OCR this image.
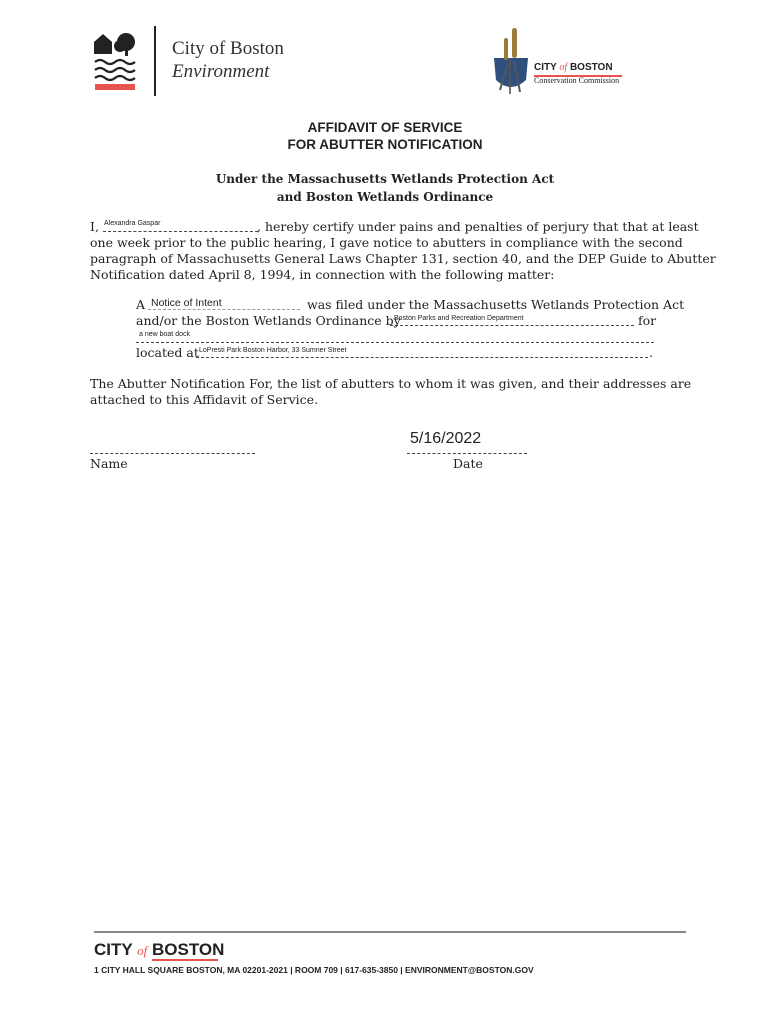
City of Boston
Environment	CITY of BOSTON
Conservation Commission
AFFIDAVIT OF SERVICE
FOR ABUTTER NOTIFICATION
Under the Massachusetts Wetlands Protection Act
and Boston Wetlands Ordinance
I, Alexandra Gaspar	, hereby certify under pains and penalties of perjury that that at least
one week prior to the public hearing, I gave notice to abutters in compliance with the second
paragraph of Massachusetts General Laws Chapter 131, section 40, and the DEP Guide to Abutter
Notification dated April 8, 1994, in connection with the following matter:
A Notice of Intent	was filed under the Massachusetts Wetlands Protection Act
and/or the Boston Wetlands Ordinance by
Boston Parks and Recreation Department	for
a new boat dock
located at LoPresti Park Boston Harbor, 33 Sumner Street	.
The Abutter Notification For, the list of abutters to whom it was given, and their addresses are
attached to this Affidavit of Service.
Name
5/16/2022
Date
CITY of BOSTON
1 CITY HALL SQUARE BOSTON, MA 02201-2021 | ROOM 709 | 617-635-3850 | ENVIRONMENT@BOSTON.GOV
